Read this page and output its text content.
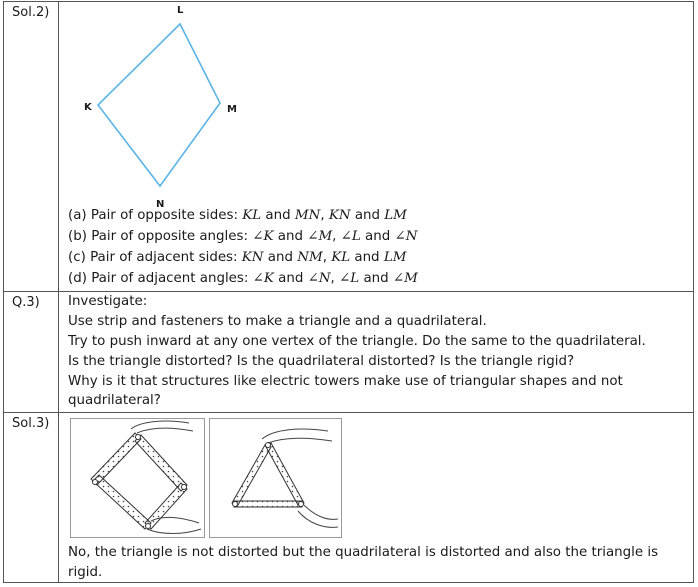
Sol.2)	L
M
N
K
(a) Pair of opposite sides: KL and MN, KN and LM
(b) Pair of opposite angles: ∠K and ∠M, ∠L and ∠N
(c) Pair of adjacent sides: KN and NM, KL and LM
(d) Pair of adjacent angles: ∠K and ∠N, ∠L and ∠M
Q.3)	Investigate:
Use strip and fasteners to make a triangle and a quadrilateral.
Try to push inward at any one vertex of the triangle. Do the same to the quadrilateral.
Is the triangle distorted? Is the quadrilateral distorted? Is the triangle rigid?
Why is it that structures like electric towers make use of triangular shapes and not
quadrilateral?
Sol.3)
No, the triangle is not distorted but the quadrilateral is distorted and also the triangle is
rigid.
